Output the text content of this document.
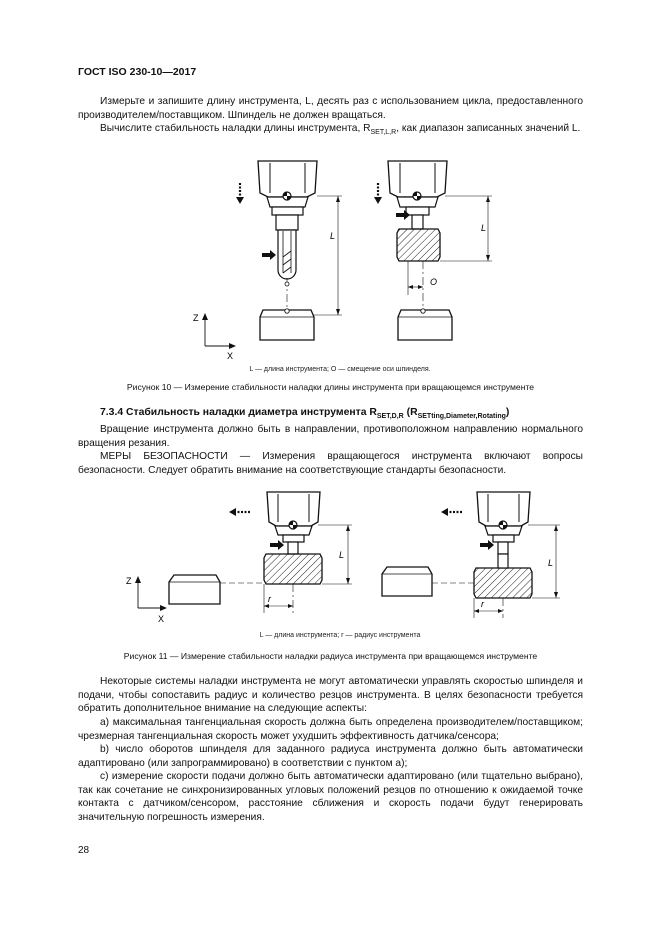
ГОСТ ISO 230-10—2017
Измерьте и запишите длину инструмента, L, десять раз с использованием цикла, предоставленного производителем/поставщиком. Шпиндель не должен вращаться.
Вычислите стабильность наладки длины инструмента, $R_{SET,L,R}$, как диапазон записанных значений L.
L
O
L
Z
X
L — длина инструмента; O — смещение оси шпинделя.
Рисунок 10 — Измерение стабильности наладки длины инструмента при вращающемся инструменте
7.3.4 Стабильность наладки диаметра инструмента $R_{SET,D,R}$ $(R_{SETting,Diameter,Rotating})$
Вращение инструмента должно быть в направлении, противоположном направлению нормального вращения резания.
МЕРЫ БЕЗОПАСНОСТИ — Измерения вращающегося инструмента включают вопросы безопасности. Следует обратить внимание на соответствующие стандарты безопасности.
Z
X
r
L
r
L
L — длина инструмента; r — радиус инструмента
Рисунок 11 — Измерение стабильности наладки радиуса инструмента при вращающемся инструменте
Некоторые системы наладки инструмента не могут автоматически управлять скоростью шпинделя и подачи, чтобы сопоставить радиус и количество резцов инструмента. В целях безопасности требуется обратить дополнительное внимание на следующие аспекты:
а) максимальная тангенциальная скорость должна быть определена производителем/поставщиком; чрезмерная тангенциальная скорость может ухудшить эффективность датчика/сенсора;
b) число оборотов шпинделя для заданного радиуса инструмента должно быть автоматически адаптировано (или запрограммировано) в соответствии с пунктом а);
с) измерение скорости подачи должно быть автоматически адаптировано (или тщательно выбрано), так как сочетание не синхронизированных угловых положений резцов по отношению к ожидаемой точке контакта с датчиком/сенсором, расстояние сближения и скорость подачи будут генерировать значительную погрешность измерения.
28
